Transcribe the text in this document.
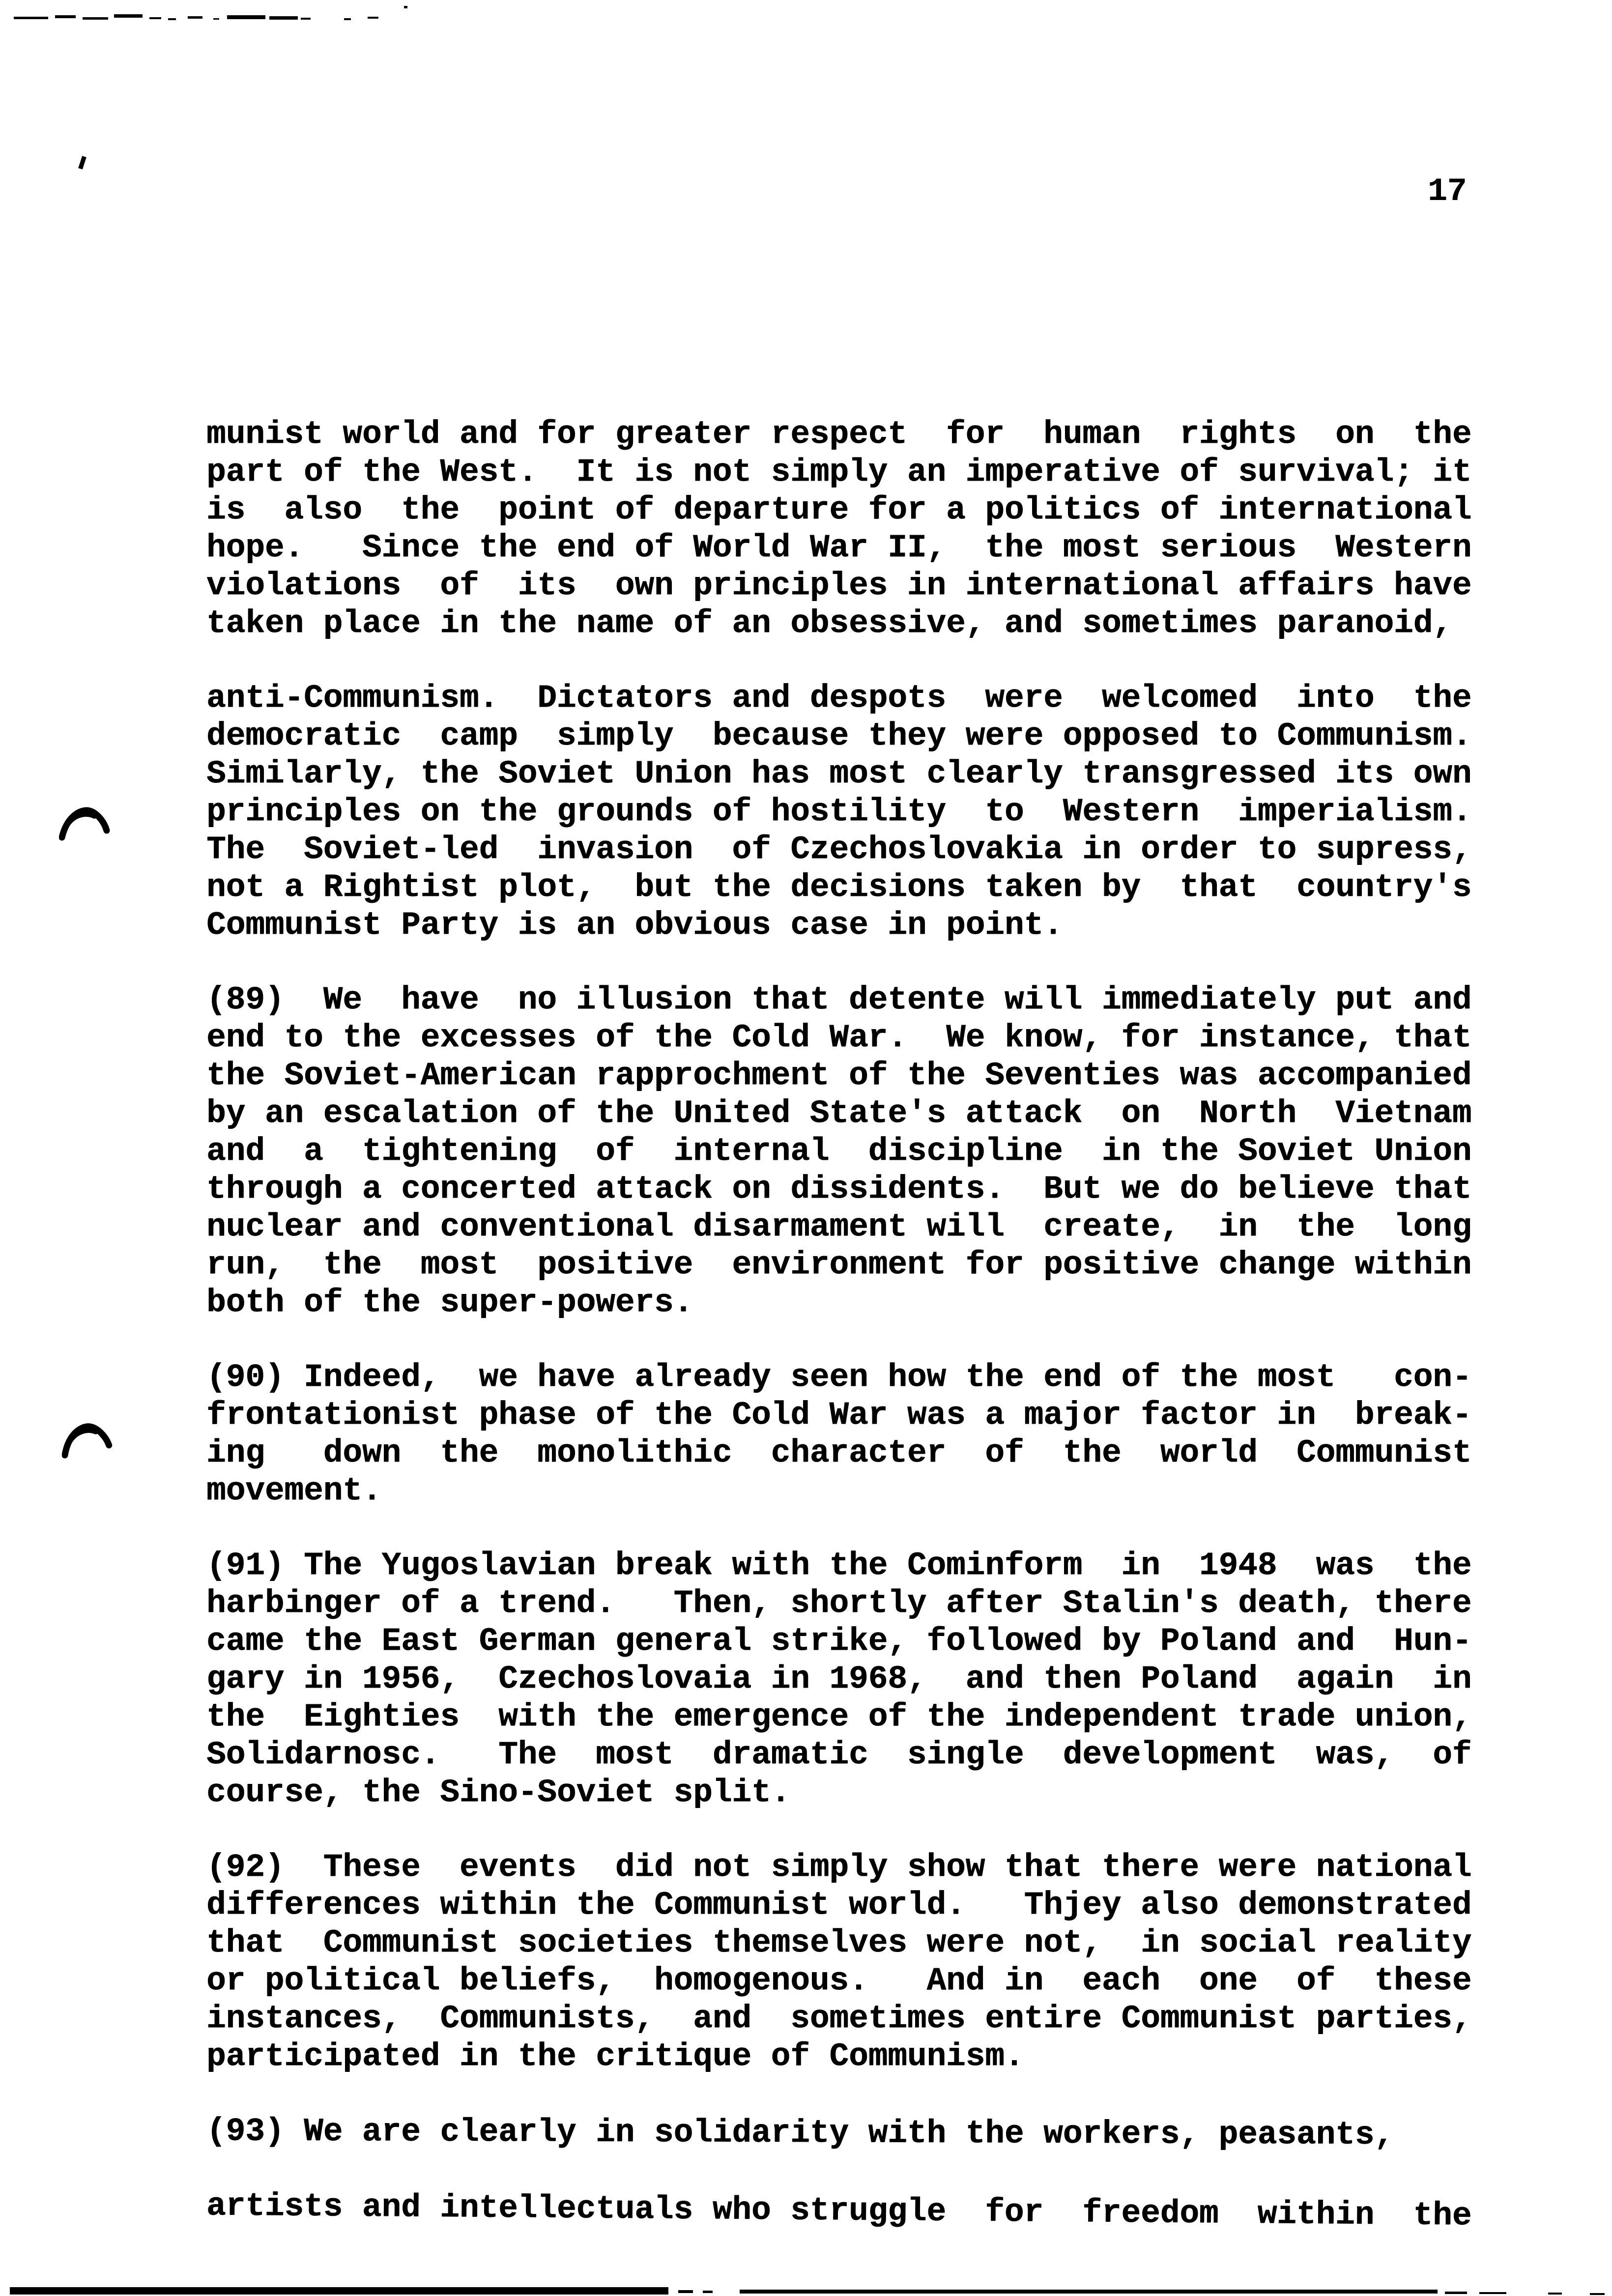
17
munist world and for greater respect  for  human  rights  on  the
part of the West.  It is not simply an imperative of survival; it
is  also  the  point of departure for a politics of international
hope.   Since the end of World War II,  the most serious  Western
violations  of  its  own principles in international affairs have
taken place in the name of an obsessive, and sometimes paranoid,
anti-Communism.  Dictators and despots  were  welcomed  into  the
democratic  camp  simply  because they were opposed to Communism.
Similarly, the Soviet Union has most clearly transgressed its own
principles on the grounds of hostility  to  Western  imperialism.
The  Soviet-led  invasion  of Czechoslovakia in order to supress,
not a Rightist plot,  but the decisions taken by  that  country's
Communist Party is an obvious case in point.
(89)  We  have  no illusion that detente will immediately put and
end to the excesses of the Cold War.  We know, for instance, that
the Soviet-American rapprochment of the Seventies was accompanied
by an escalation of the United State's attack  on  North  Vietnam
and  a  tightening  of  internal  discipline  in the Soviet Union
through a concerted attack on dissidents.  But we do believe that
nuclear and conventional disarmament will  create,  in  the  long
run,  the  most  positive  environment for positive change within
both of the super-powers.
(90) Indeed,  we have already seen how the end of the most   con-
frontationist phase of the Cold War was a major factor in  break-
ing   down  the  monolithic  character  of  the  world  Communist
movement.
(91) The Yugoslavian break with the Cominform  in  1948  was  the
harbinger of a trend.   Then, shortly after Stalin's death, there
came the East German general strike, followed by Poland and  Hun-
gary in 1956,  Czechoslovaia in 1968,  and then Poland  again  in
the  Eighties  with the emergence of the independent trade union,
Solidarnosc.   The  most  dramatic  single  development  was,  of
course, the Sino-Soviet split.
(92)  These  events  did not simply show that there were national
differences within the Communist world.   Thjey also demonstrated
that  Communist societies themselves were not,  in social reality
or political beliefs,  homogenous.   And in  each  one  of  these
instances,  Communists,  and  sometimes entire Communist parties,
participated in the critique of Communism.
(93) We are clearly in solidarity with the workers, peasants,
artists and intellectuals who struggle  for  freedom  within  the
